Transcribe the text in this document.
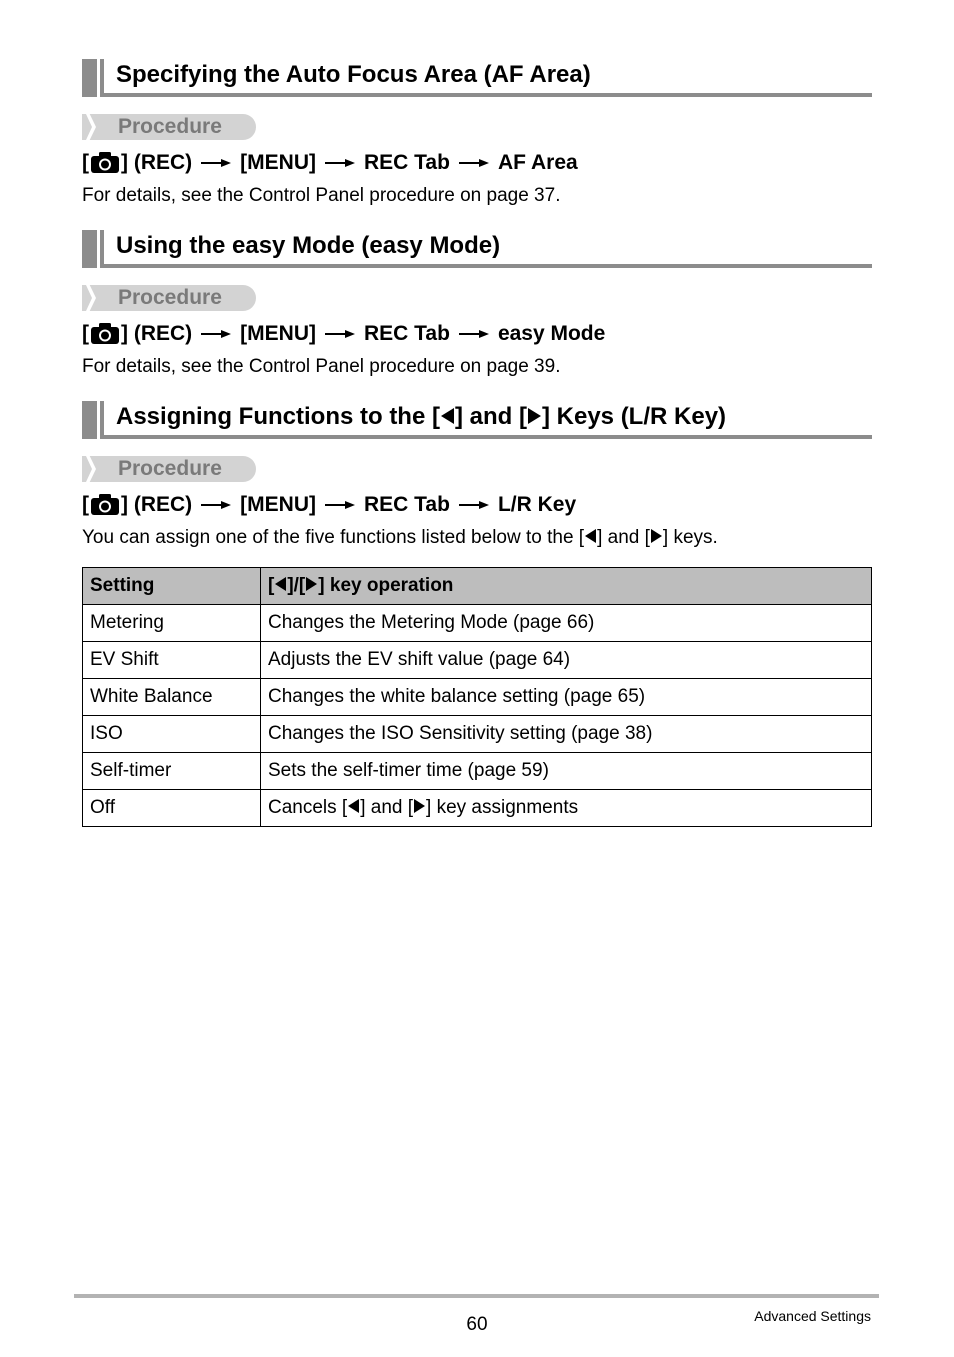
Specifying the Auto Focus Area (AF Area)
Procedure
[ ] (REC) [MENU] REC Tab AF Area
For details, see the Control Panel procedure on page 37.
Using the easy Mode (easy Mode)
Procedure
[ ] (REC) [MENU] REC Tab easy Mode
For details, see the Control Panel procedure on page 39.
Assigning Functions to the [ ] and [ ] Keys (L/R Key)
Procedure
[ ] (REC) [MENU] REC Tab L/R Key
You can assign one of the five functions listed below to the [ ] and [ ] keys.
Setting	[ ]/[ ] key operation
Metering	Changes the Metering Mode (page 66)
EV Shift	Adjusts the EV shift value (page 64)
White Balance	Changes the white balance setting (page 65)
ISO	Changes the ISO Sensitivity setting (page 38)
Self-timer	Sets the self-timer time (page 59)
Off	Cancels [ ] and [ ] key assignments
60	Advanced Settings
